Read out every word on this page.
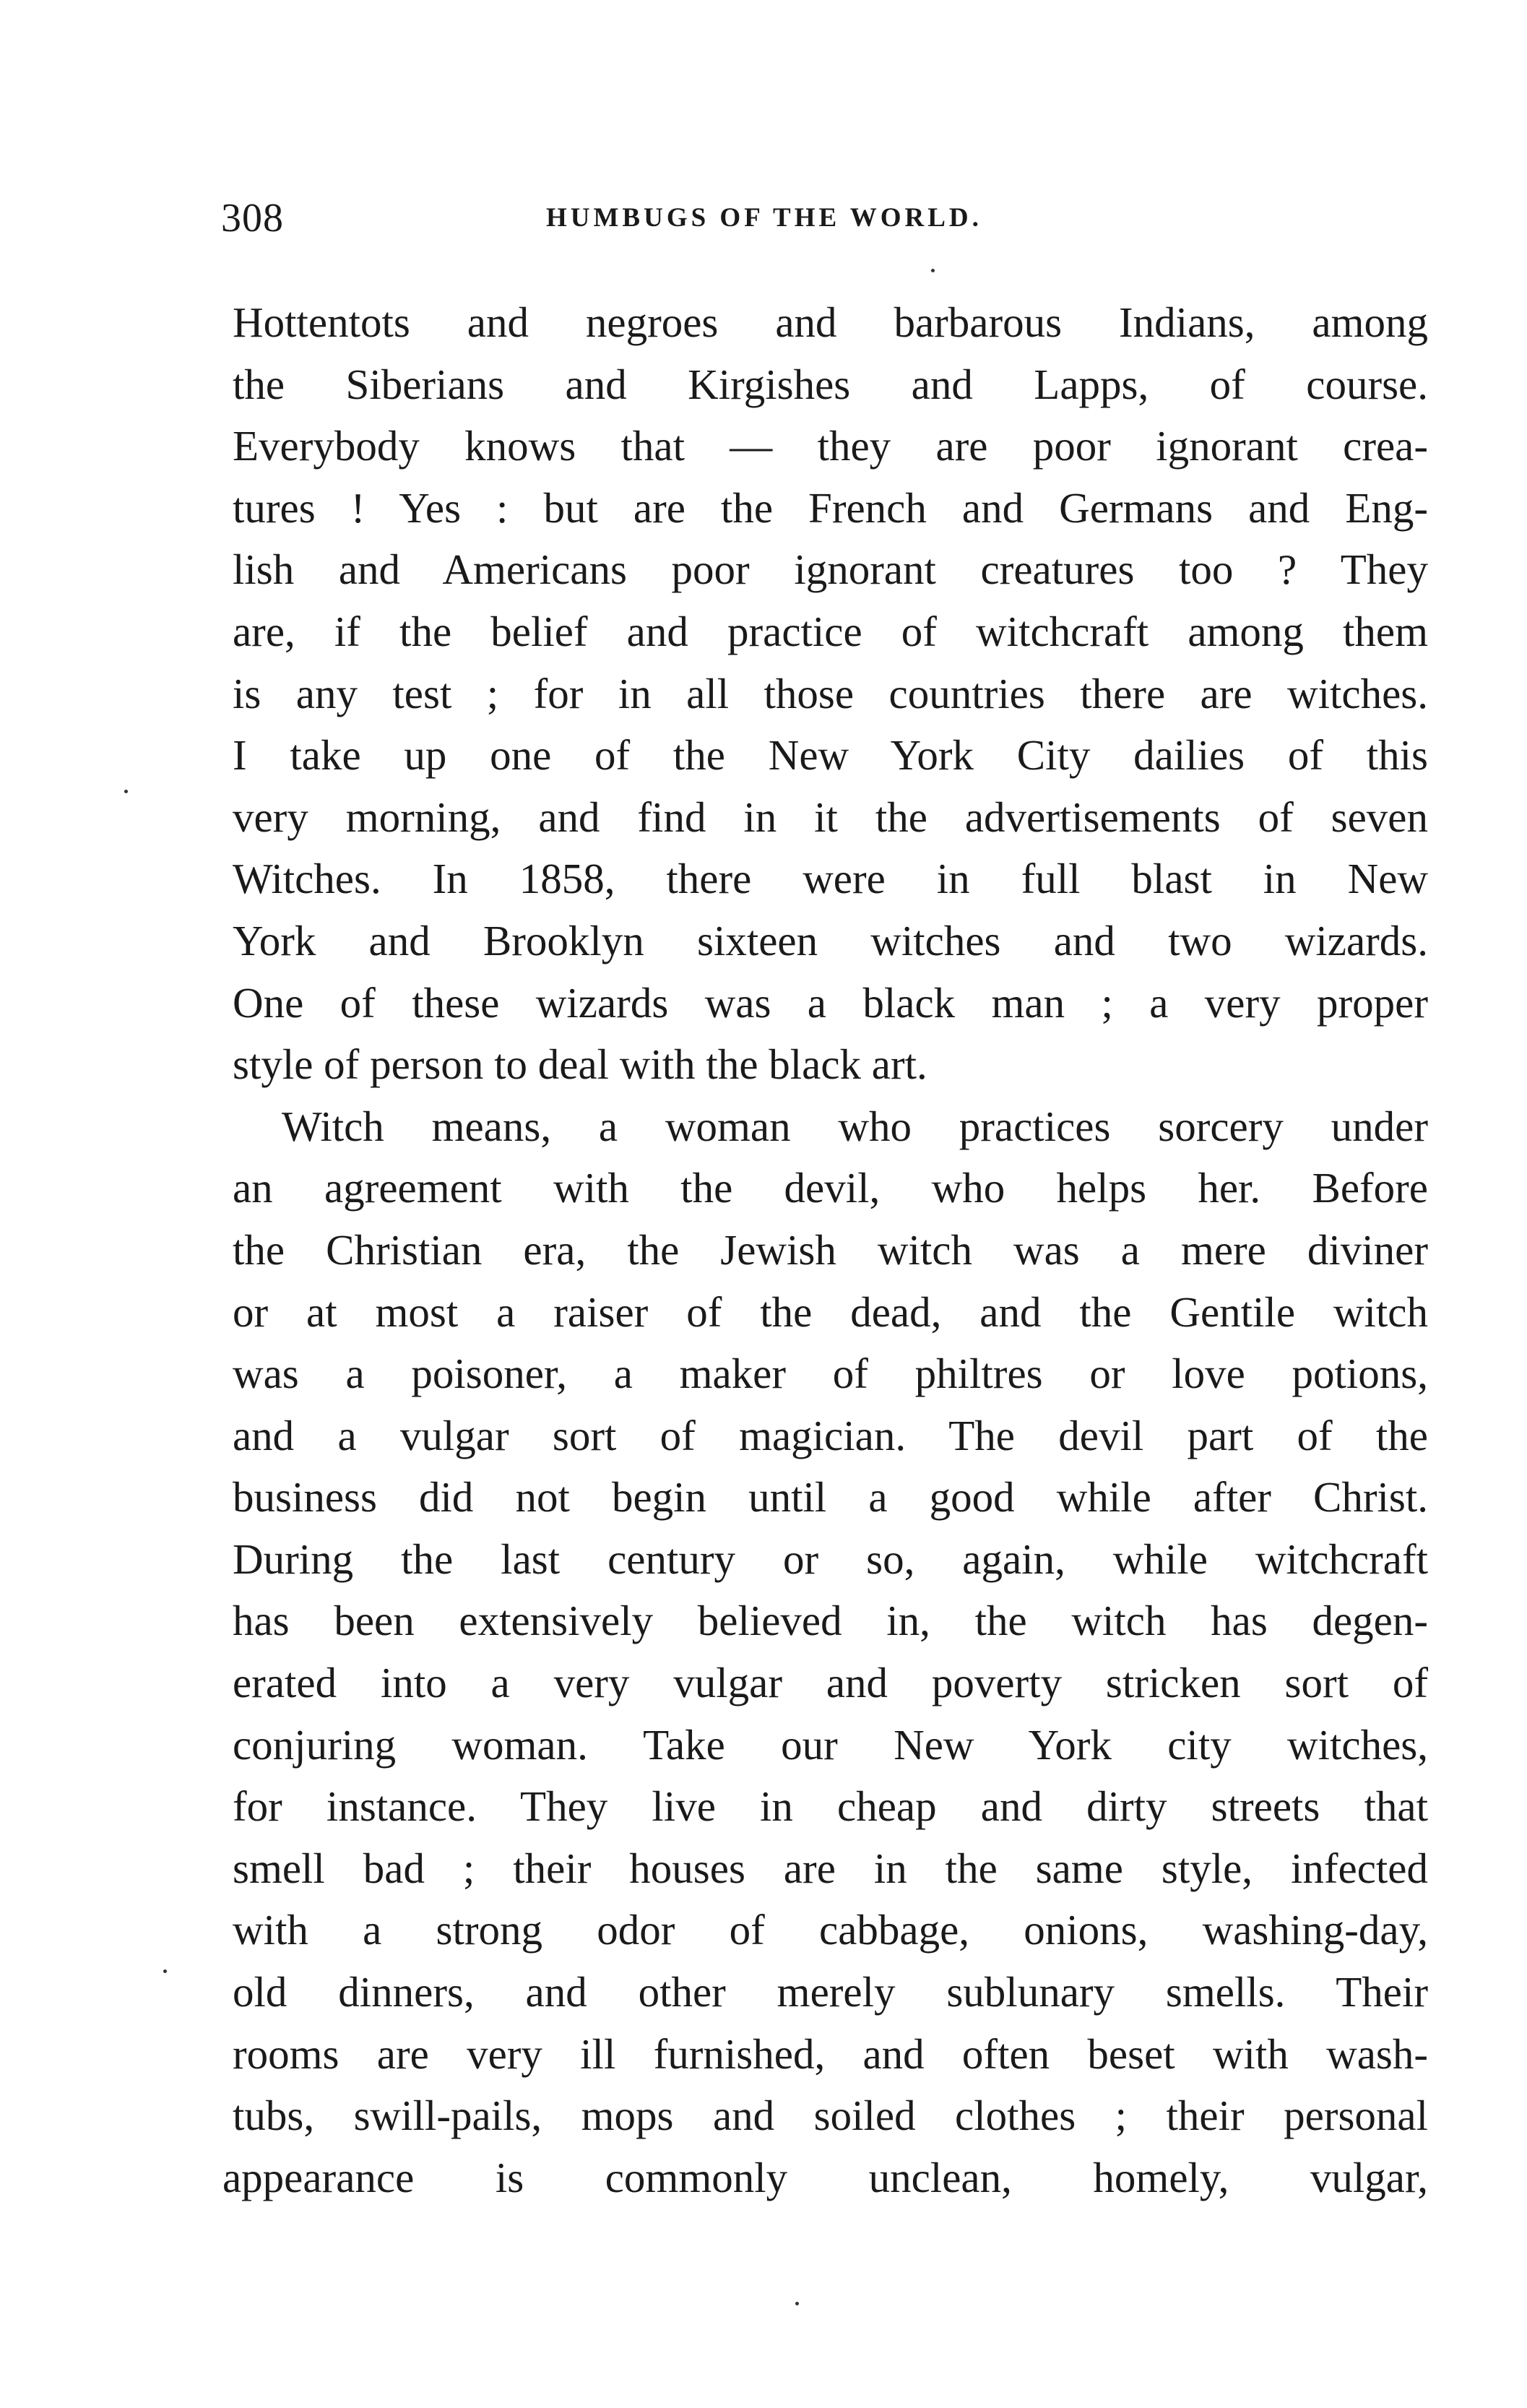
308	HUMBUGS OF THE WORLD.
Hottentots and negroes and barbarous Indians, among
the Siberians and Kirgishes and Lapps, of course.
Everybody knows that — they are poor ignorant crea-
tures ! Yes : but are the French and Germans and Eng-
lish and Americans poor ignorant creatures too ? They
are, if the belief and practice of witchcraft among them
is any test ; for in all those countries there are witches.
I take up one of the New York City dailies of this
very morning, and find in it the advertisements of seven
Witches. In 1858, there were in full blast in New
York and Brooklyn sixteen witches and two wizards.
One of these wizards was a black man ; a very proper
style of person to deal with the black art.
Witch means, a woman who practices sorcery under
an agreement with the devil, who helps her. Before
the Christian era, the Jewish witch was a mere diviner
or at most a raiser of the dead, and the Gentile witch
was a poisoner, a maker of philtres or love potions,
and a vulgar sort of magician. The devil part of the
business did not begin until a good while after Christ.
During the last century or so, again, while witchcraft
has been extensively believed in, the witch has degen-
erated into a very vulgar and poverty stricken sort of
conjuring woman. Take our New York city witches,
for instance. They live in cheap and dirty streets that
smell bad ; their houses are in the same style, infected
with a strong odor of cabbage, onions, washing-day,
old dinners, and other merely sublunary smells. Their
rooms are very ill furnished, and often beset with wash-
tubs, swill-pails, mops and soiled clothes ; their personal
appearance is commonly unclean, homely, vulgar,
